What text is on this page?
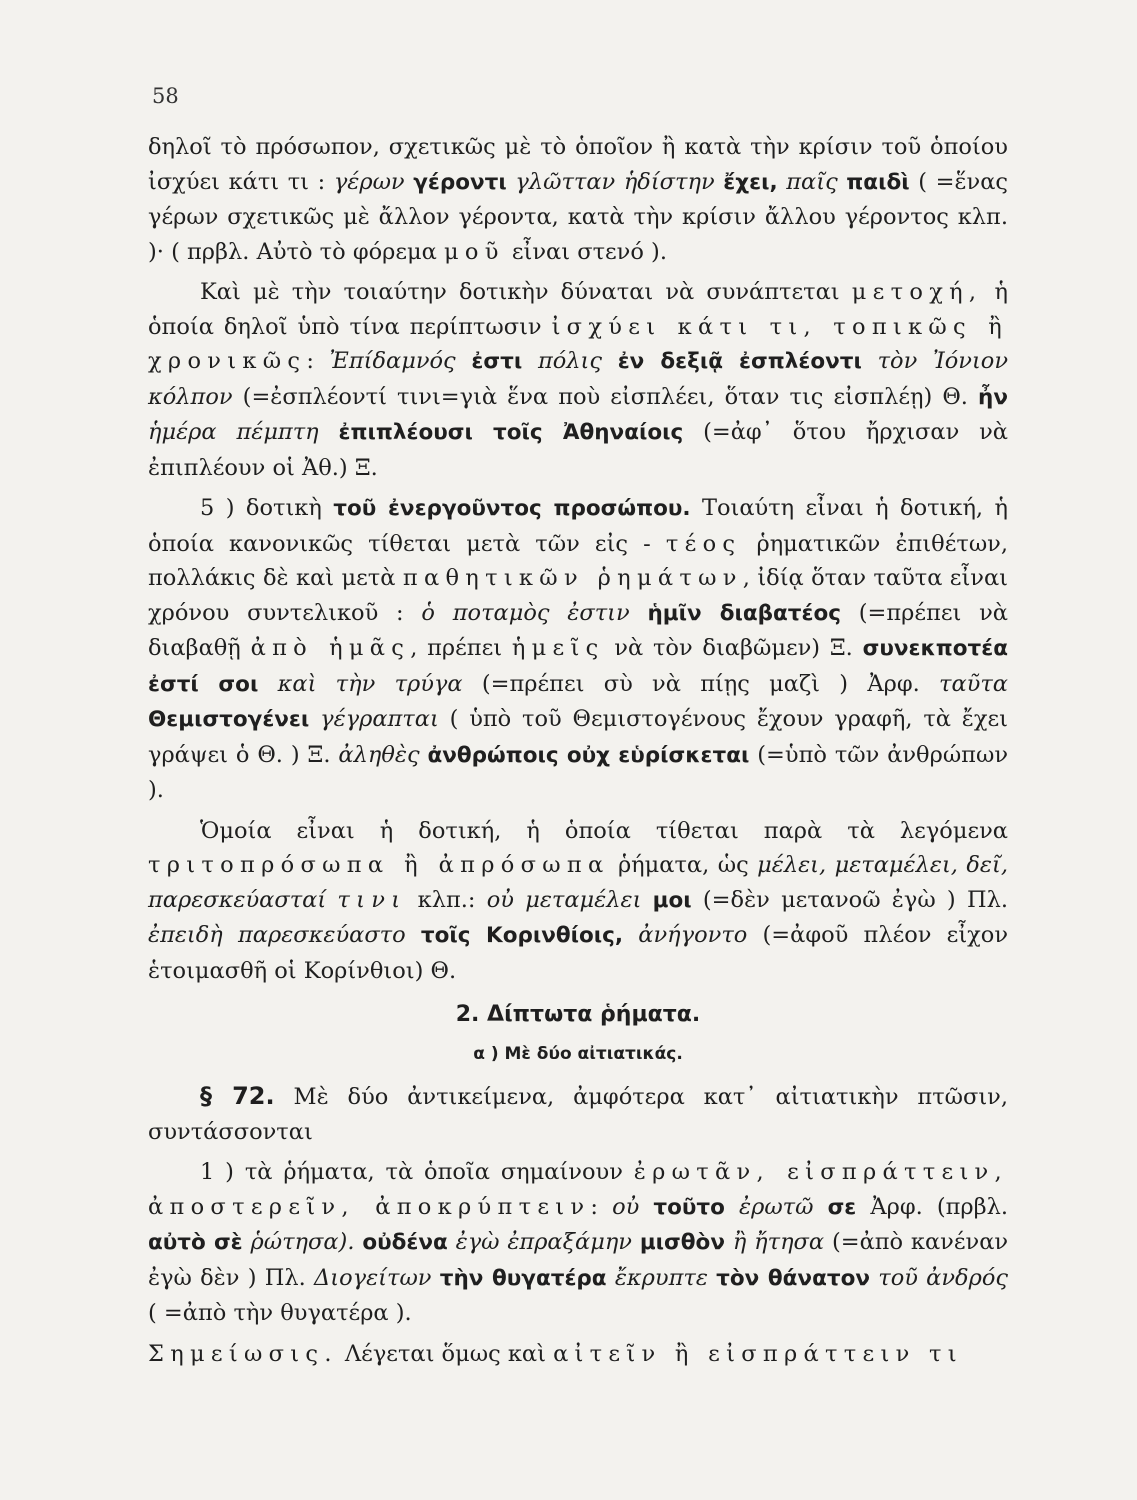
58

δηλοῖ τὸ πρόσωπον, σχετικῶς μὲ τὸ ὁποῖον ἢ κατὰ τὴν κρίσιν τοῦ ὁποίου ἰσχύει κάτι τι : γέρων γέροντι γλῶτταν ἡδίστην ἔχει, παῖς παιδὶ ( =ἕνας γέρων σχετικῶς μὲ ἄλλον γέροντα, κατὰ τὴν κρίσιν ἄλλου γέροντος κλπ. )· ( πρβλ. Αὐτὸ τὸ φόρεμα μοῦ εἶναι στενό ).

Καὶ μὲ τὴν τοιαύτην δοτικὴν δύναται νὰ συνάπτεται μετοχή, ἡ ὁποία δηλοῖ ὑπὸ τίνα περίπτωσιν ἰσχύει κάτι τι, τοπικῶς ἢ χρονικῶς: Ἐπίδαμνός ἐστι πόλις ἐν δεξιᾷ ἐσπλέοντι τὸν Ἰόνιον κόλπον (=ἐσπλέοντί τινι=γιὰ ἕνα ποὺ εἰσπλέει, ὅταν τις εἰσπλέῃ) Θ. ἦν ἡμέρα πέμπτη ἐπιπλέουσι τοῖς Ἀθηναίοις (=ἀφ᾽ ὅτου ἤρχισαν νὰ ἐπιπλέουν οἱ Ἀθ.) Ξ.

5 ) δοτικὴ τοῦ ἐνεργοῦντος προσώπου. Τοιαύτη εἶναι ἡ δοτική, ἡ ὁποία κανονικῶς τίθεται μετὰ τῶν εἰς - τέος ῥηματικῶν ἐπιθέτων, πολλάκις δὲ καὶ μετὰ παθητικῶν ῥημάτων, ἰδίᾳ ὅταν ταῦτα εἶναι χρόνου συντελικοῦ : ὁ ποταμὸς ἐστιν ἡμῖν διαβατέος (=πρέπει νὰ διαβαθῇ ἀπὸ ἡμᾶς, πρέπει ἡμεῖς νὰ τὸν διαβῶμεν) Ξ. συνεκποτέα ἐστί σοι καὶ τὴν τρύγα (=πρέπει σὺ νὰ πίῃς μαζὶ ) Ἀρφ. ταῦτα Θεμιστογένει γέγραπται ( ὑπὸ τοῦ Θεμιστογένους ἔχουν γραφῆ, τὰ ἔχει γράψει ὁ Θ. ) Ξ. ἀληθὲς ἀνθρώποις οὐχ εὑρίσκεται (=ὑπὸ τῶν ἀνθρώπων ).

Ὁμοία εἶναι ἡ δοτική, ἡ ὁποία τίθεται παρὰ τὰ λεγόμενα τριτοπρόσωπα ἢ ἀπρόσωπα ῥήματα, ὡς μέλει, μεταμέλει, δεῖ, παρεσκεύασταί τινι κλπ.: οὐ μεταμέλει μοι (=δὲν μετανοῶ ἐγὼ ) Πλ. ἐπειδὴ παρεσκεύαστο τοῖς Κορινθίοις, ἀνήγοντο (=ἀφοῦ πλέον εἶχον ἑτοιμασθῆ οἱ Κορίνθιοι) Θ.

2. Δίπτωτα ῥήματα.

α ) Μὲ δύο αἰτιατικάς.

§ 72. Μὲ δύο ἀντικείμενα, ἀμφότερα κατ᾽ αἰτιατικὴν πτῶσιν, συντάσσονται

1 ) τὰ ῥήματα, τὰ ὁποῖα σημαίνουν ἐρωτᾶν, εἰσπράττειν, ἀποστερεῖν, ἀποκρύπτειν: οὐ τοῦτο ἐρωτῶ σε Ἀρφ. (πρβλ. αὐτὸ σὲ ῥώτησα). οὐδένα ἐγὼ ἐπραξάμην μισθὸν ἢ ἤτησα (=ἀπὸ κανέναν ἐγὼ δὲν ) Πλ. Διογείτων τὴν θυγατέρα ἔκρυπτε τὸν θάνατον τοῦ ἀνδρός ( =ἀπὸ τὴν θυγατέρα ).

Σημείωσις. Λέγεται ὅμως καὶ αἰτεῖν ἢ εἰσπράττειν τι
